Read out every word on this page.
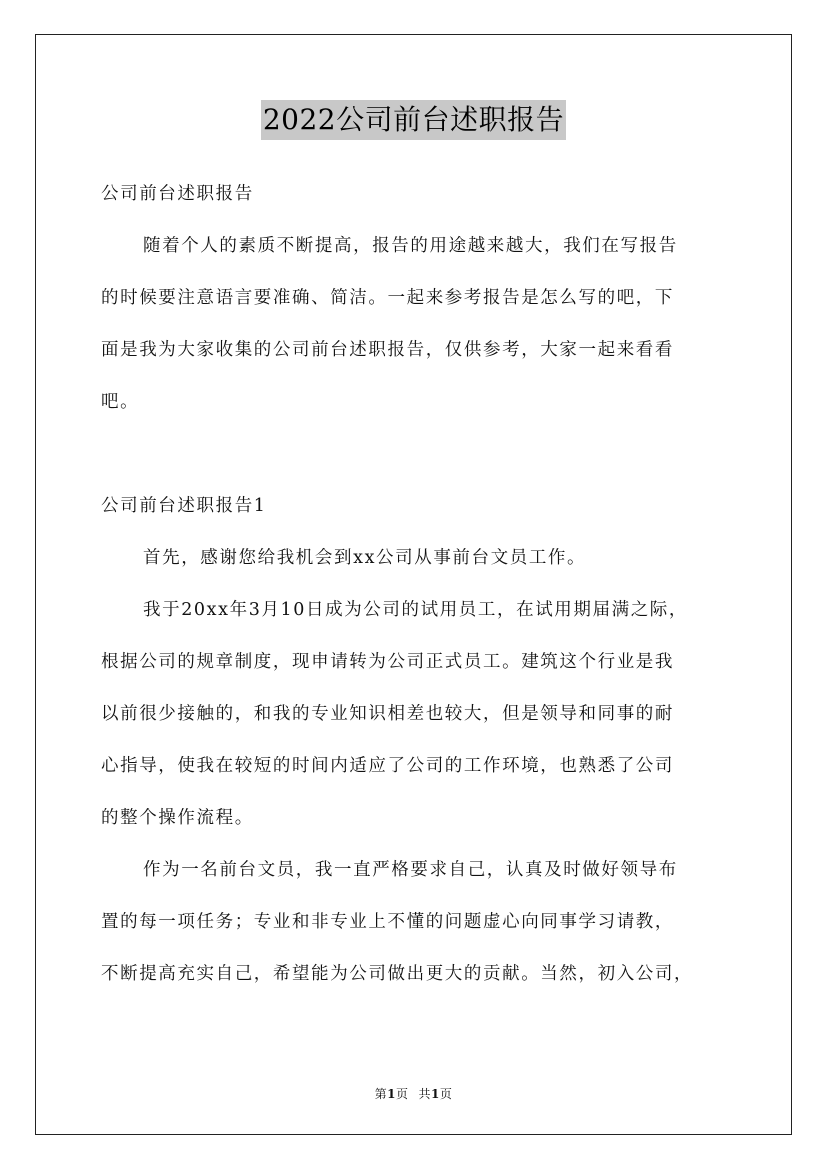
2022公司前台述职报告
公司前台述职报告
随着个人的素质不断提高，报告的用途越来越大，我们在写报告
的时候要注意语言要准确、简洁。一起来参考报告是怎么写的吧，下
面是我为大家收集的公司前台述职报告，仅供参考，大家一起来看看
吧。
公司前台述职报告1
首先，感谢您给我机会到xx公司从事前台文员工作。
我于20xx年3月10日成为公司的试用员工，在试用期届满之际，
根据公司的规章制度，现申请转为公司正式员工。建筑这个行业是我
以前很少接触的，和我的专业知识相差也较大，但是领导和同事的耐
心指导，使我在较短的时间内适应了公司的工作环境，也熟悉了公司
的整个操作流程。
作为一名前台文员，我一直严格要求自己，认真及时做好领导布
置的每一项任务；专业和非专业上不懂的问题虚心向同事学习请教，
不断提高充实自己，希望能为公司做出更大的贡献。当然，初入公司，
第1页 共1页
